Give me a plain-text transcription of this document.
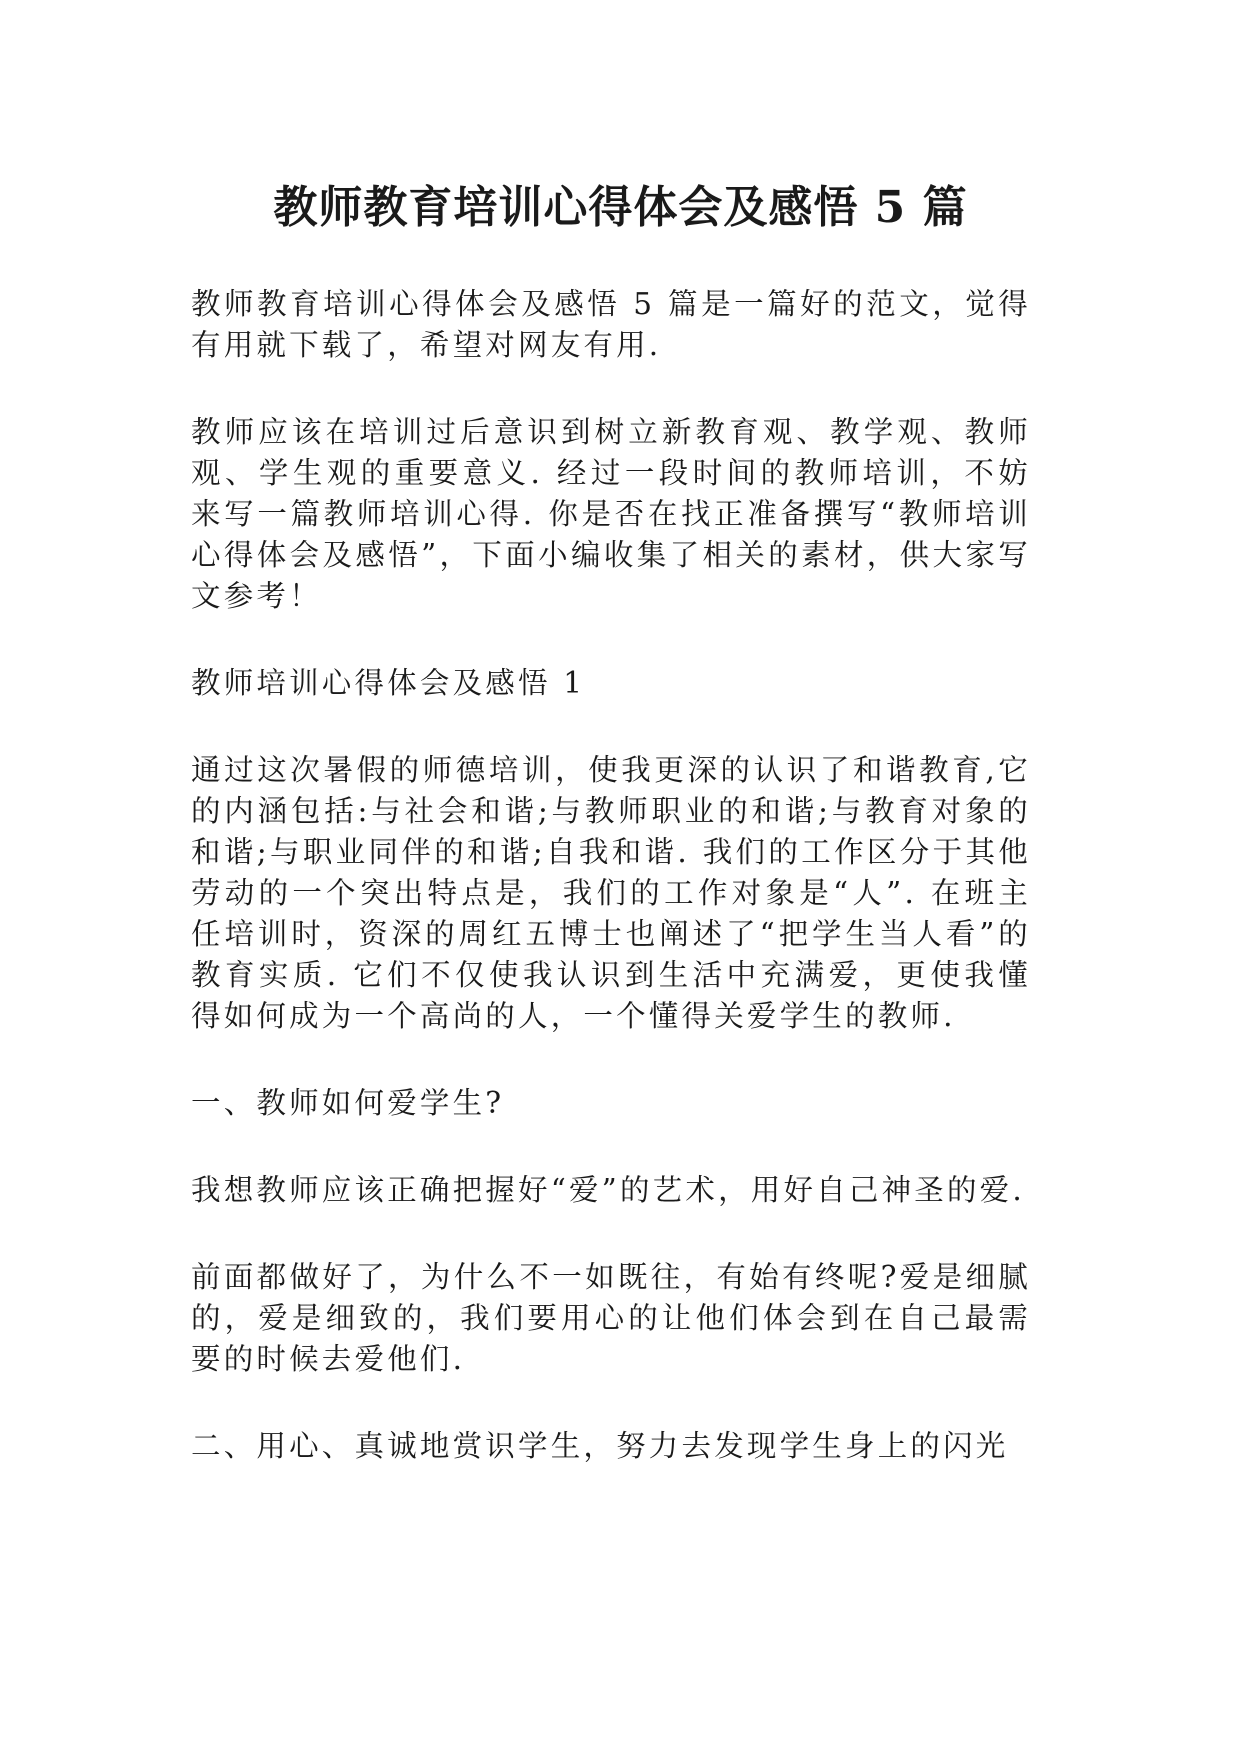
教师教育培训心得体会及感悟 5 篇

教师教育培训心得体会及感悟 5 篇是一篇好的范文，觉得有用就下载了，希望对网友有用.

教师应该在培训过后意识到树立新教育观、教学观、教师观、学生观的重要意义. 经过一段时间的教师培训，不妨来写一篇教师培训心得. 你是否在找正准备撰写“教师培训心得体会及感悟”，下面小编收集了相关的素材，供大家写文参考！

教师培训心得体会及感悟 1

通过这次暑假的师德培训，使我更深的认识了和谐教育,它的内涵包括:与社会和谐;与教师职业的和谐;与教育对象的和谐;与职业同伴的和谐;自我和谐. 我们的工作区分于其他劳动的一个突出特点是，我们的工作对象是“人”. 在班主任培训时，资深的周红五博士也阐述了“把学生当人看”的教育实质. 它们不仅使我认识到生活中充满爱，更使我懂得如何成为一个高尚的人，一个懂得关爱学生的教师.

一、教师如何爱学生?

我想教师应该正确把握好“爱”的艺术，用好自己神圣的爱.

前面都做好了，为什么不一如既往，有始有终呢?爱是细腻的，爱是细致的，我们要用心的让他们体会到在自己最需要的时候去爱他们.

二、用心、真诚地赏识学生，努力去发现学生身上的闪光
